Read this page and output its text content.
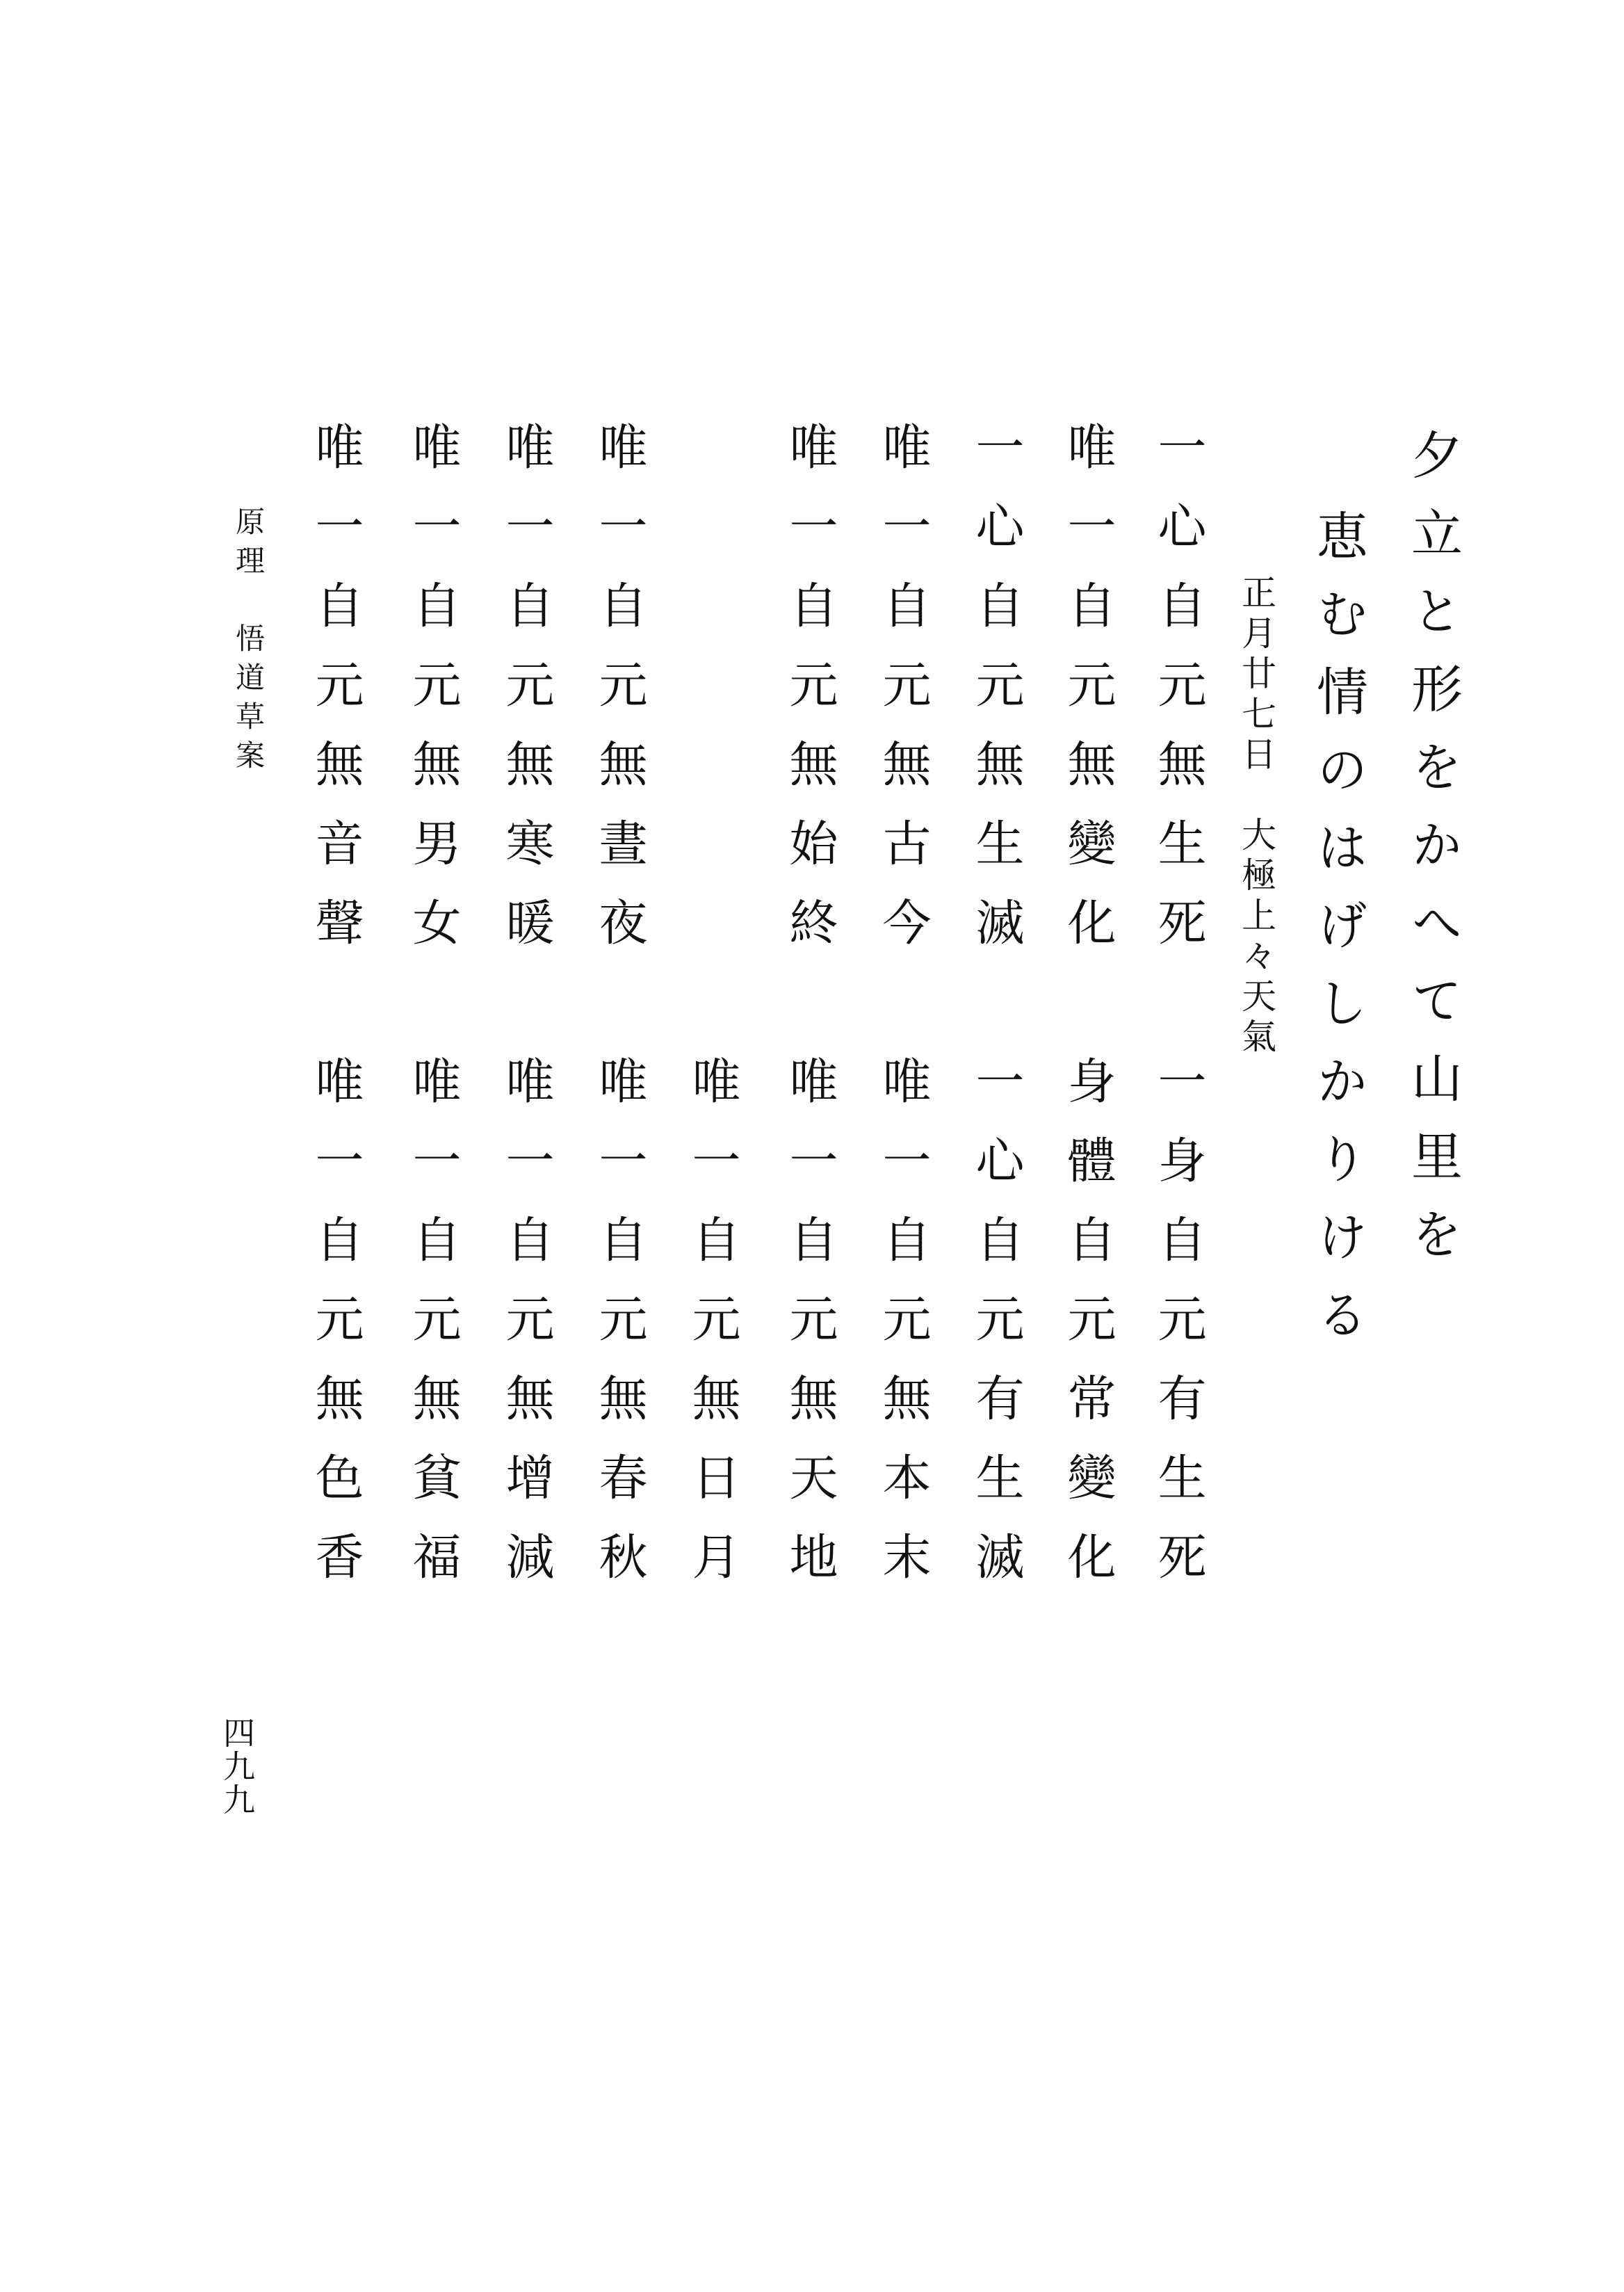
夕立と形をかへて山里を

恵む情のはげしかりける

正月廿七日　大極上々天氣

一心自元無生死

唯一自元無變化

一心自元無生滅

唯一自元無古今

唯一自元無始終

唯一自元無晝夜

唯一自元無寒暖

唯一自元無男女

唯一自元無音聲

一身自元有生死

身體自元常變化

一心自元有生滅

唯一自元無本末

唯一自元無天地

唯一自元無日月

唯一自元無春秋

唯一自元無增減

唯一自元無貧福

唯一自元無色香

原理　悟道草案

四九九
